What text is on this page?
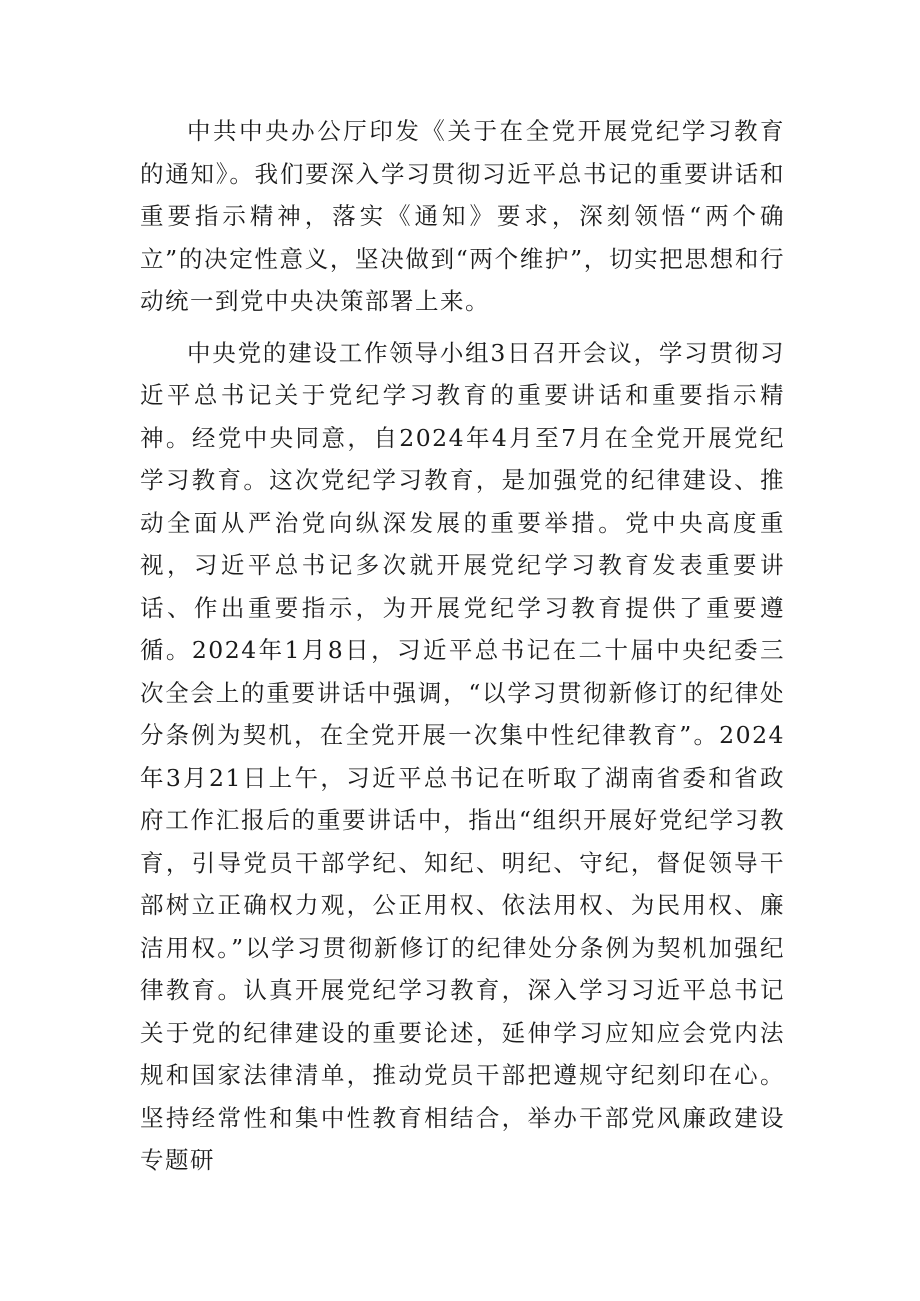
中共中央办公厅印发《关于在全党开展党纪学习教育的通知》。我们要深入学习贯彻习近平总书记的重要讲话和重要指示精神，落实《通知》要求，深刻领悟“两个确立”的决定性意义，坚决做到“两个维护”，切实把思想和行动统一到党中央决策部署上来。

中央党的建设工作领导小组3日召开会议，学习贯彻习近平总书记关于党纪学习教育的重要讲话和重要指示精神。经党中央同意，自2024年4月至7月在全党开展党纪学习教育。这次党纪学习教育，是加强党的纪律建设、推动全面从严治党向纵深发展的重要举措。党中央高度重视，习近平总书记多次就开展党纪学习教育发表重要讲话、作出重要指示，为开展党纪学习教育提供了重要遵循。2024年1月8日，习近平总书记在二十届中央纪委三次全会上的重要讲话中强调，“以学习贯彻新修订的纪律处分条例为契机，在全党开展一次集中性纪律教育”。2024年3月21日上午，习近平总书记在听取了湖南省委和省政府工作汇报后的重要讲话中，指出“组织开展好党纪学习教育，引导党员干部学纪、知纪、明纪、守纪，督促领导干部树立正确权力观，公正用权、依法用权、为民用权、廉洁用权。”以学习贯彻新修订的纪律处分条例为契机加强纪律教育。认真开展党纪学习教育，深入学习习近平总书记关于党的纪律建设的重要论述，延伸学习应知应会党内法规和国家法律清单，推动党员干部把遵规守纪刻印在心。坚持经常性和集中性教育相结合，举办干部党风廉政建设专题研
